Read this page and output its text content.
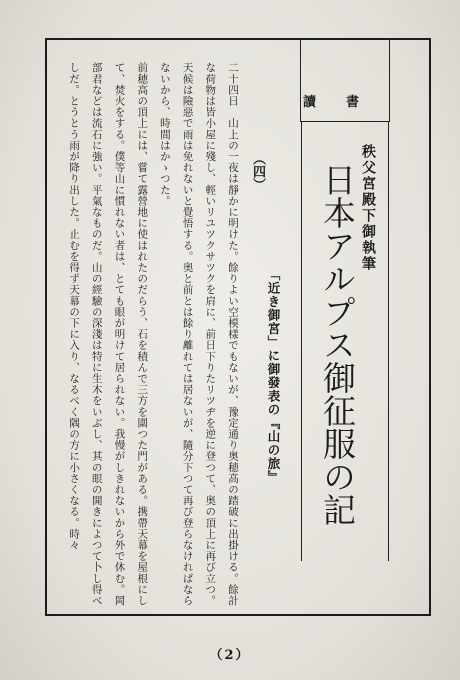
讀書
秩父宮殿下御執筆
日本アルプス御征服の記
「近き御宮」に御發表の『山の旅』
（四）

二十四日　山上の一夜は靜かに明けた。餘りよい空模樣でもないが、豫定通り奥穂高の踏破に出掛ける。餘計な荷物は皆小屋に殘し、輕いリユツクサツクを肩に、前日下りたリツヂを逆に登つて、奥の頂上に再び立つ。天候は險惡で雨は免れないと覺悟する。奥と前とは餘り離れては居ないが、隨分下つて再び登らなければならないから、時間はかゝつた。

前穂高の頂上には、嘗て露營地に使はれたのだらう、石を積んで三方を圍つた門がある。携帶天幕を屋根にして、焚火をする。僕等山に慣れない者は、とても眼が明けて居られない。我慢がしきれないから外で休む。岡部君などは流石に強い。平氣なものだ。山の經驗の深淺は特に生木をいぶし、其の眼の開きによつて卜し得べしだ。とうとう雨が降り出した。止むを得ず天幕の下に入り、なるべく隅の方に小さくなる。時々

（2）
